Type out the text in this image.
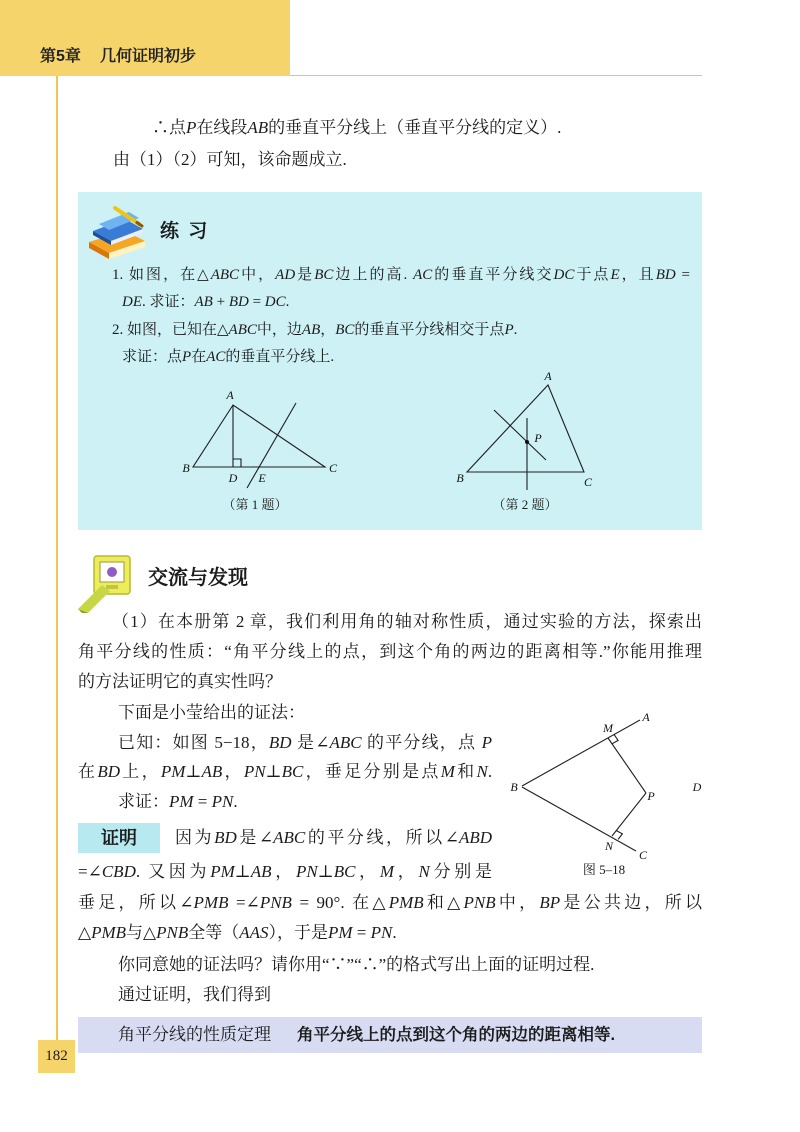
第5章 几何证明初步
∴点P在线段AB的垂直平分线上（垂直平分线的定义）.
由（1）（2）可知，该命题成立.
练 习
1. 如图，在△ABC中，AD是BC边上的高. AC的垂直平分线交DC于点E，且BD =
DE. 求证：AB + BD = DC.
2. 如图，已知在△ABC中，边AB，BC的垂直平分线相交于点P.
求证：点P在AC的垂直平分线上.
A
B	C
D E
（第 1 题）
A
B	C
P
（第 2 题）
交流与发现
（1）在本册第 2 章，我们利用角的轴对称性质，通过实验的方法，探索出
角平分线的性质：“角平分线上的点，到这个角的两边的距离相等.”你能用推理
的方法证明它的真实性吗？
下面是小莹给出的证法：
已知：如图 5−18，BD 是∠ABC 的平分线，点 P
在BD上，PM⊥AB，PN⊥BC，垂足分别是点M和N.
求证：PM = PN.
证明	因为BD是∠ABC的平分线，所以∠ABD
=∠CBD. 又因为PM⊥AB，PN⊥BC，M，N分别是
垂足，所以∠PMB =∠PNB = 90°. 在△PMB和△PNB中，BP是公共边，所以
△PMB与△PNB全等（AAS），于是PM = PN.
你同意她的证法吗？请你用“∵”“∴”的格式写出上面的证明过程.
通过证明，我们得到
M
A
B
P
D
N
C
图 5–18
角平分线的性质定理 角平分线上的点到这个角的两边的距离相等.
182
